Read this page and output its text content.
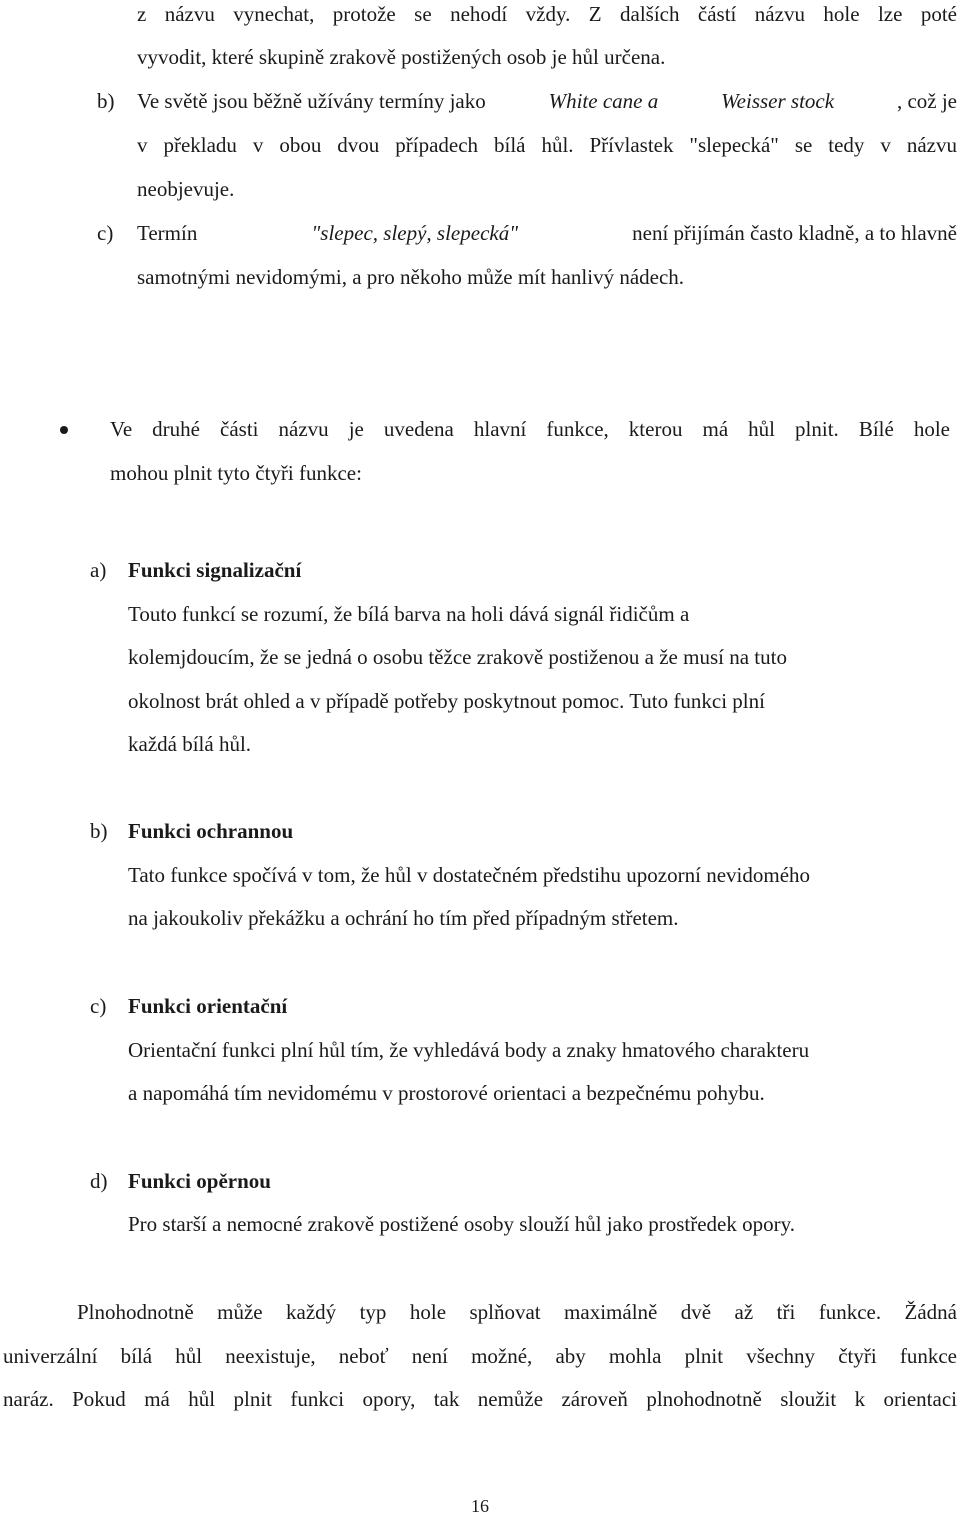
z názvu vynechat, protože se nehodí vždy. Z dalších částí názvu hole lze poté
vyvodit, které skupině zrakově postižených osob je hůl určena.
b) Ve světě jsou běžně užívány termíny jako	White cane a	Weisser stock	, což je
v překladu v obou dvou případech bílá hůl. Přívlastek "slepecká" se tedy v názvu
neobjevuje.
c) Termín	"slepec, slepý, slepecká"	není přijímán často kladně, a to hlavně
samotnými nevidomými, a pro někoho může mít hanlivý nádech.
Ve druhé části názvu je uvedena hlavní funkce, kterou má hůl plnit. Bílé hole
mohou plnit tyto čtyři funkce:
a) Funkci signalizační
Touto funkcí se rozumí, že bílá barva na holi dává signál řidičům a
kolemjdoucím, že se jedná o osobu těžce zrakově postiženou a že musí na tuto
okolnost brát ohled a v případě potřeby poskytnout pomoc. Tuto funkci plní
každá bílá hůl.
b) Funkci ochrannou
Tato funkce spočívá v tom, že hůl v dostatečném předstihu upozorní nevidomého
na jakoukoliv překážku a ochrání ho tím před případným střetem.
c) Funkci orientační
Orientační funkci plní hůl tím, že vyhledává body a znaky hmatového charakteru
a napomáhá tím nevidomému v prostorové orientaci a bezpečnému pohybu.
d) Funkci opěrnou
Pro starší a nemocné zrakově postižené osoby slouží hůl jako prostředek opory.
Plnohodnotně může každý typ hole splňovat maximálně dvě až tři funkce. Žádná
univerzální bílá hůl neexistuje, neboť není možné, aby mohla plnit všechny čtyři funkce
naráz. Pokud má hůl plnit funkci opory, tak nemůže zároveň plnohodnotně sloužit k orientaci
16
